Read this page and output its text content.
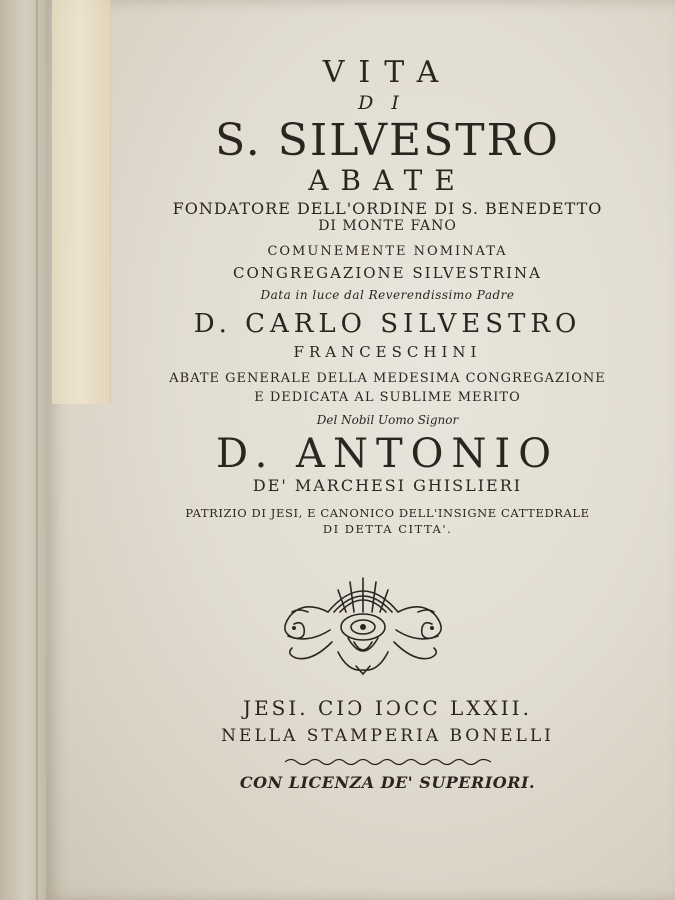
VITA
DI
S. SILVESTRO
ABATE
FONDATORE DELL'ORDINE DI S. BENEDETTO
DI MONTE FANO
COMUNEMENTE NOMINATA
CONGREGAZIONE SILVESTRINA
Data in luce dal Reverendissimo Padre
D. CARLO SILVESTRO
FRANCESCHINI
ABATE GENERALE DELLA MEDESIMA CONGREGAZIONE
E DEDICATA AL SUBLIME MERITO
Del Nobil Uomo Signor
D. ANTONIO
DE' MARCHESI GHISLIERI
PATRIZIO DI JESI, E CANONICO DELL'INSIGNE CATTEDRALE
DI DETTA CITTA'.
JESI. CIƆ IƆCC LXXII.
NELLA STAMPERIA BONELLI
CON LICENZA DE' SUPERIORI.
